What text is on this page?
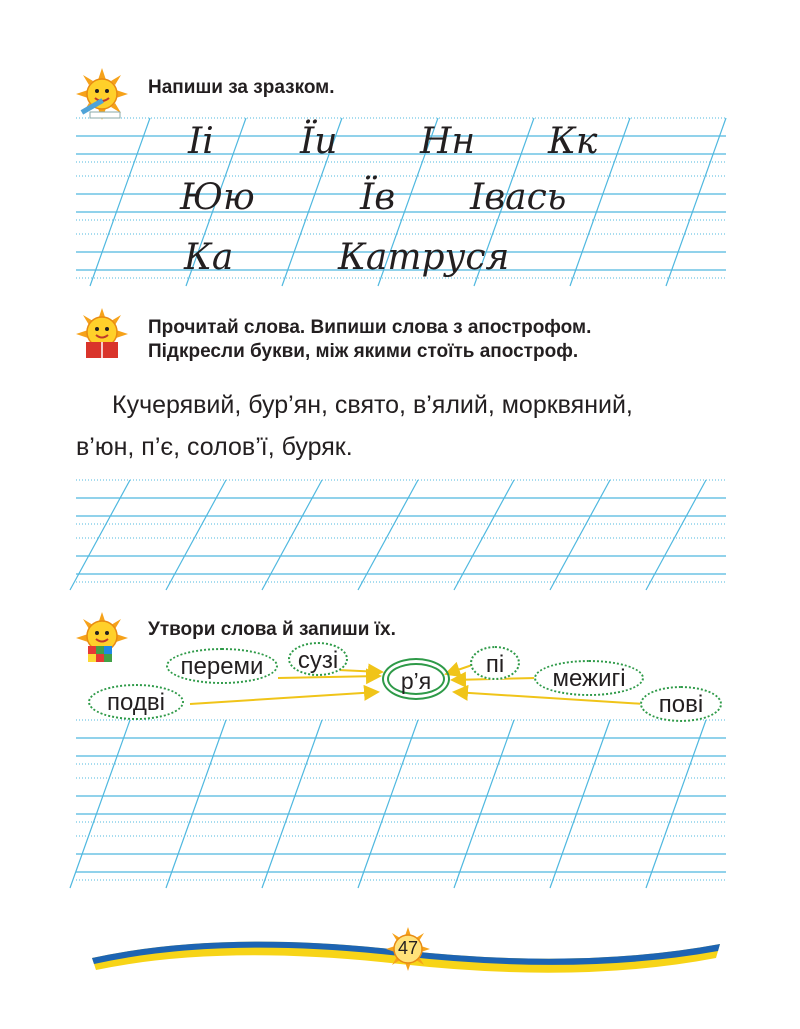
Напиши за зразком.
Іі Їи Нн Кк
Юю	Їв Івась
Ка	Катруся
Прочитай слова. Випиши слова з апострофом.
Підкресли букви, між якими стоїть апостроф.
Кучерявий, бур’ян, свято, в’ялий, морквяний,
в’юн, п’є, солов’ї, буряк.
Утвори слова й запиши їх.
переми	сузі
подві
пі
межигі
пові
р’я
47
